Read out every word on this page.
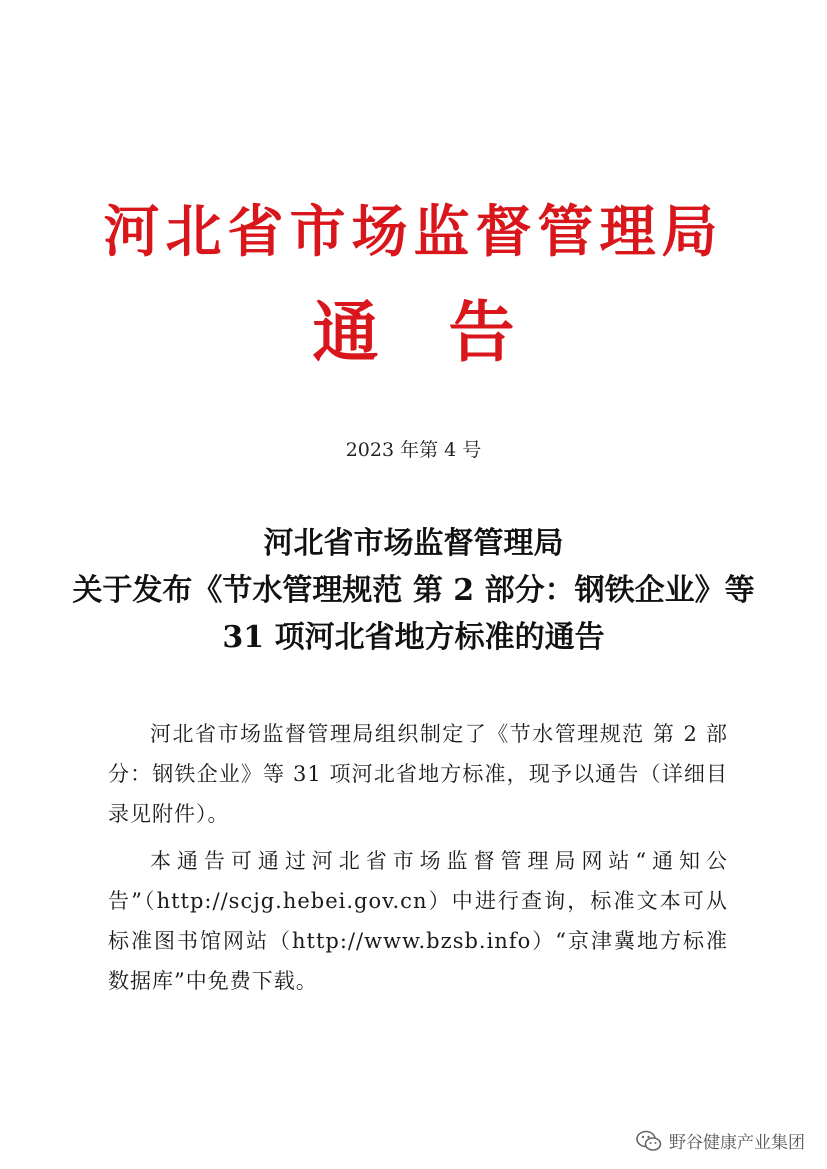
河北省市场监督管理局
通告
2023 年第 4 号
河北省市场监督管理局
关于发布《节水管理规范 第 2 部分：钢铁企业》等
31 项河北省地方标准的通告

河北省市场监督管理局组织制定了《节水管理规范 第 2 部分：钢铁企业》等 31 项河北省地方标准，现予以通告（详细目录见附件）。

本通告可通过河北省市场监督管理局网站“通知公告”（http://scjg.hebei.gov.cn）中进行查询，标准文本可从标准图书馆网站（http://www.bzsb.info）“京津冀地方标准数据库”中免费下载。

野谷健康产业集团
